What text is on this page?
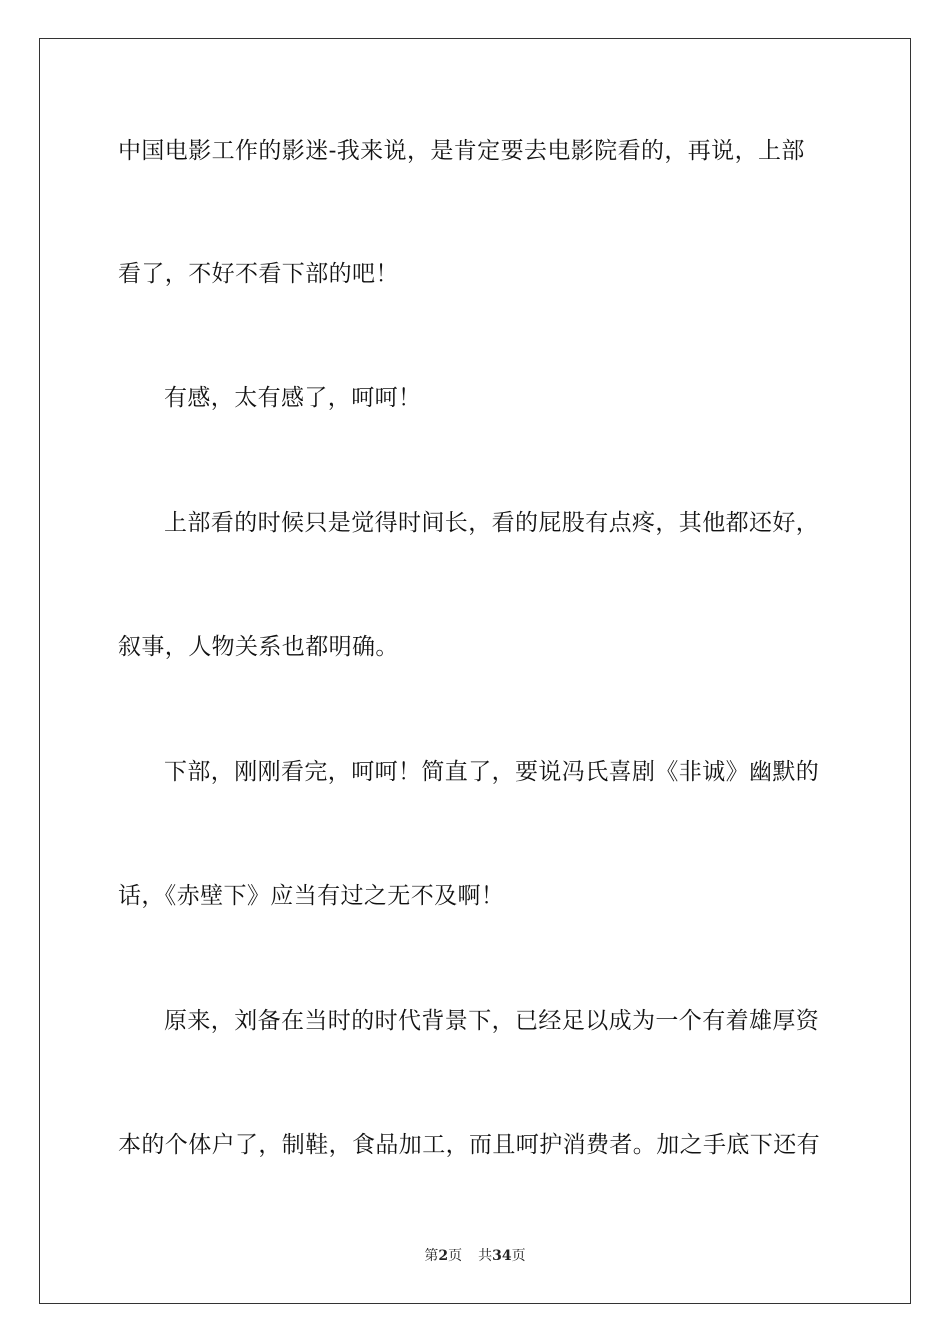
中国电影工作的影迷-我来说，是肯定要去电影院看的，再说，上部
看了，不好不看下部的吧！
有感，太有感了，呵呵！
上部看的时候只是觉得时间长，看的屁股有点疼，其他都还好，
叙事，人物关系也都明确。
下部，刚刚看完，呵呵！简直了，要说冯氏喜剧《非诚》幽默的
话，《赤壁下》应当有过之无不及啊！
原来，刘备在当时的时代背景下，已经足以成为一个有着雄厚资
本的个体户了，制鞋，食品加工，而且呵护消费者。加之手底下还有
第2页 共34页
